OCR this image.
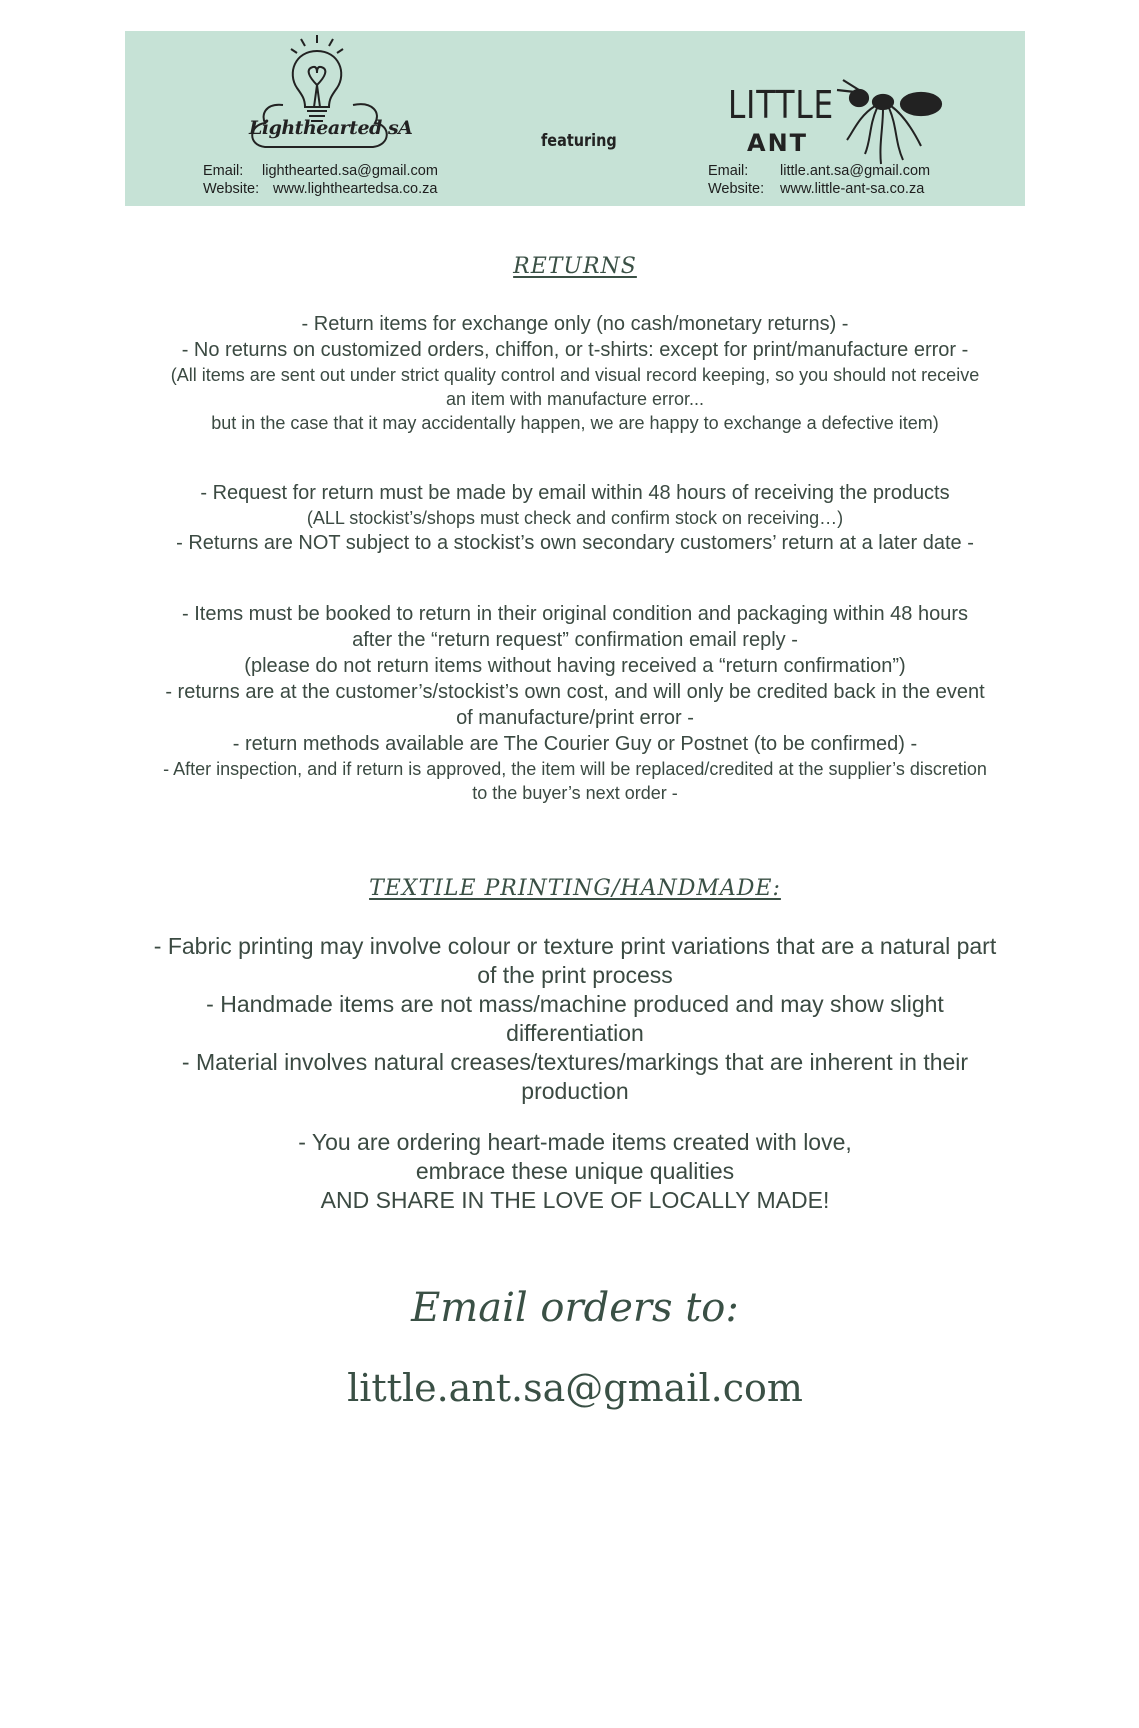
Lighthearted sA
featuring
LITTLE
ANT
Email: lighthearted.sa@gmail.com
Website: www.lightheartedsa.co.za
Email: little.ant.sa@gmail.com
Website: www.little-ant-sa.co.za
RETURNS
- Return items for exchange only (no cash/monetary returns) -
- No returns on customized orders, chiffon, or t-shirts: except for print/manufacture error -
(All items are sent out under strict quality control and visual record keeping, so you should not receive
an item with manufacture error...
but in the case that it may accidentally happen, we are happy to exchange a defective item)
- Request for return must be made by email within 48 hours of receiving the products
(ALL stockist’s/shops must check and confirm stock on receiving…)
- Returns are NOT subject to a stockist’s own secondary customers’ return at a later date -
- Items must be booked to return in their original condition and packaging within 48 hours
after the “return request” confirmation email reply -
(please do not return items without having received a “return confirmation”)
- returns are at the customer’s/stockist’s own cost, and will only be credited back in the event
of manufacture/print error -
- return methods available are The Courier Guy or Postnet (to be confirmed) -
- After inspection, and if return is approved, the item will be replaced/credited at the supplier’s discretion
to the buyer’s next order -
TEXTILE PRINTING/HANDMADE:
- Fabric printing may involve colour or texture print variations that are a natural part
of the print process
- Handmade items are not mass/machine produced and may show slight
differentiation
- Material involves natural creases/textures/markings that are inherent in their
production
- You are ordering heart-made items created with love,
embrace these unique qualities
AND SHARE IN THE LOVE OF LOCALLY MADE!
Email orders to:
little.ant.sa@gmail.com
